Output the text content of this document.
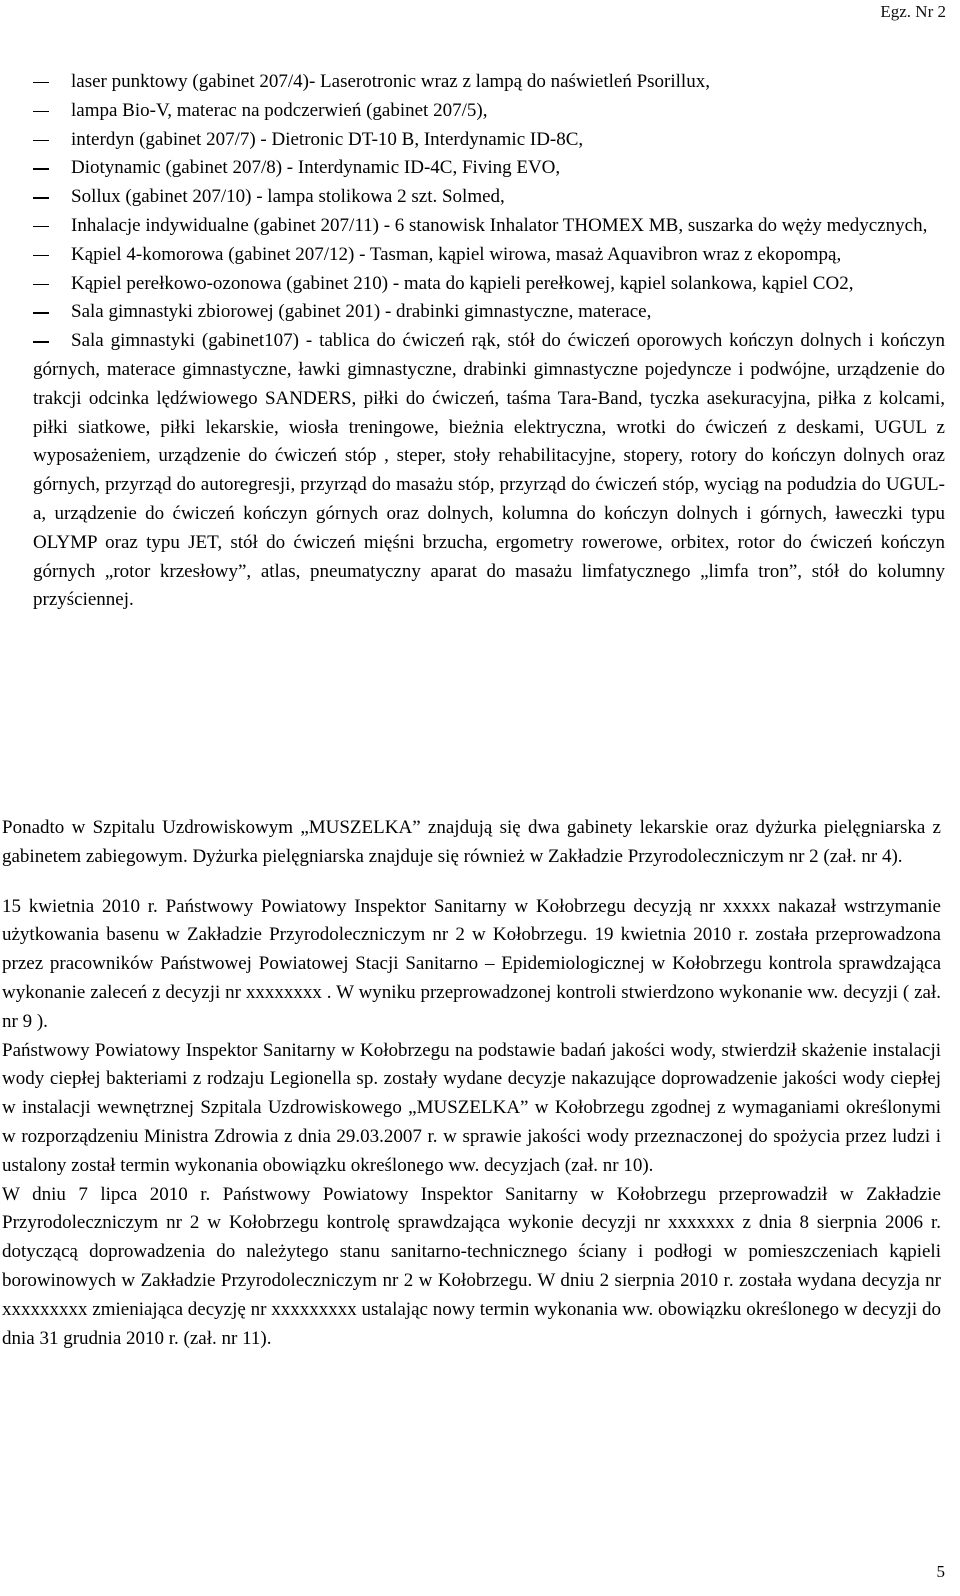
Egz. Nr 2
laser punktowy (gabinet 207/4)- Laserotronic wraz z lampą do naświetleń Psorillux,
lampa Bio-V, materac na podczerwień (gabinet 207/5),
interdyn (gabinet 207/7) - Dietronic DT-10 B, Interdynamic ID-8C,
Diotynamic (gabinet 207/8) - Interdynamic ID-4C, Fiving EVO,
Sollux (gabinet 207/10) - lampa stolikowa 2 szt. Solmed,
Inhalacje indywidualne (gabinet 207/11) - 6 stanowisk Inhalator THOMEX MB, suszarka do węży medycznych,
Kąpiel 4-komorowa (gabinet 207/12) - Tasman, kąpiel wirowa, masaż Aquavibron wraz z ekopompą,
Kąpiel perełkowo-ozonowa (gabinet 210) - mata do kąpieli perełkowej, kąpiel solankowa, kąpiel CO2,
Sala gimnastyki zbiorowej (gabinet 201) - drabinki gimnastyczne, materace,
Sala gimnastyki (gabinet107) - tablica do ćwiczeń rąk, stół do ćwiczeń oporowych kończyn dolnych i kończyn górnych, materace gimnastyczne, ławki gimnastyczne, drabinki gimnastyczne pojedyncze i podwójne, urządzenie do trakcji odcinka lędźwiowego SANDERS, piłki do ćwiczeń, taśma Tara-Band, tyczka asekuracyjna, piłka z kolcami, piłki siatkowe, piłki lekarskie, wiosła treningowe, bieżnia elektryczna, wrotki do ćwiczeń z deskami, UGUL z wyposażeniem, urządzenie do ćwiczeń stóp , steper, stoły rehabilitacyjne, stopery, rotory do kończyn dolnych oraz górnych, przyrząd do autoregresji, przyrząd do masażu stóp, przyrząd do ćwiczeń stóp, wyciąg na podudzia do UGUL-a, urządzenie do ćwiczeń kończyn górnych oraz dolnych, kolumna do kończyn dolnych i górnych, ławeczki typu OLYMP oraz typu JET, stół do ćwiczeń mięśni brzucha, ergometry rowerowe, orbitex, rotor do ćwiczeń kończyn górnych „rotor krzesłowy”, atlas, pneumatyczny aparat do masażu limfatycznego „limfa tron”, stół do kolumny przyściennej.

Ponadto w Szpitalu Uzdrowiskowym „MUSZELKA” znajdują się dwa gabinety lekarskie oraz dyżurka pielęgniarska z gabinetem zabiegowym. Dyżurka pielęgniarska znajduje się również w Zakładzie Przyrodoleczniczym nr 2 (zał. nr 4).

15 kwietnia 2010 r. Państwowy Powiatowy Inspektor Sanitarny w Kołobrzegu decyzją nr xxxxx nakazał wstrzymanie użytkowania basenu w Zakładzie Przyrodoleczniczym nr 2 w Kołobrzegu. 19 kwietnia 2010 r. została przeprowadzona przez pracowników Państwowej Powiatowej Stacji Sanitarno – Epidemiologicznej w Kołobrzegu kontrola sprawdzająca wykonanie zaleceń z decyzji nr xxxxxxxx . W wyniku przeprowadzonej kontroli stwierdzono wykonanie ww. decyzji ( zał. nr 9 ).

Państwowy Powiatowy Inspektor Sanitarny w Kołobrzegu na podstawie badań jakości wody, stwierdził skażenie instalacji wody ciepłej bakteriami z rodzaju Legionella sp. zostały wydane decyzje nakazujące doprowadzenie jakości wody ciepłej w instalacji wewnętrznej Szpitala Uzdrowiskowego „MUSZELKA” w Kołobrzegu zgodnej z wymaganiami określonymi w rozporządzeniu Ministra Zdrowia z dnia 29.03.2007 r. w sprawie jakości wody przeznaczonej do spożycia przez ludzi i ustalony został termin wykonania obowiązku określonego ww. decyzjach (zał. nr 10).

W dniu 7 lipca 2010 r. Państwowy Powiatowy Inspektor Sanitarny w Kołobrzegu przeprowadził w Zakładzie Przyrodoleczniczym nr 2 w Kołobrzegu kontrolę sprawdzająca wykonie decyzji nr xxxxxxx z dnia 8 sierpnia 2006 r. dotyczącą doprowadzenia do należytego stanu sanitarno-technicznego ściany i podłogi w pomieszczeniach kąpieli borowinowych w Zakładzie Przyrodoleczniczym nr 2 w Kołobrzegu. W dniu 2 sierpnia 2010 r. została wydana decyzja nr xxxxxxxxx zmieniająca decyzję nr xxxxxxxxx ustalając nowy termin wykonania ww. obowiązku określonego w decyzji do dnia 31 grudnia 2010 r. (zał. nr 11).

5
